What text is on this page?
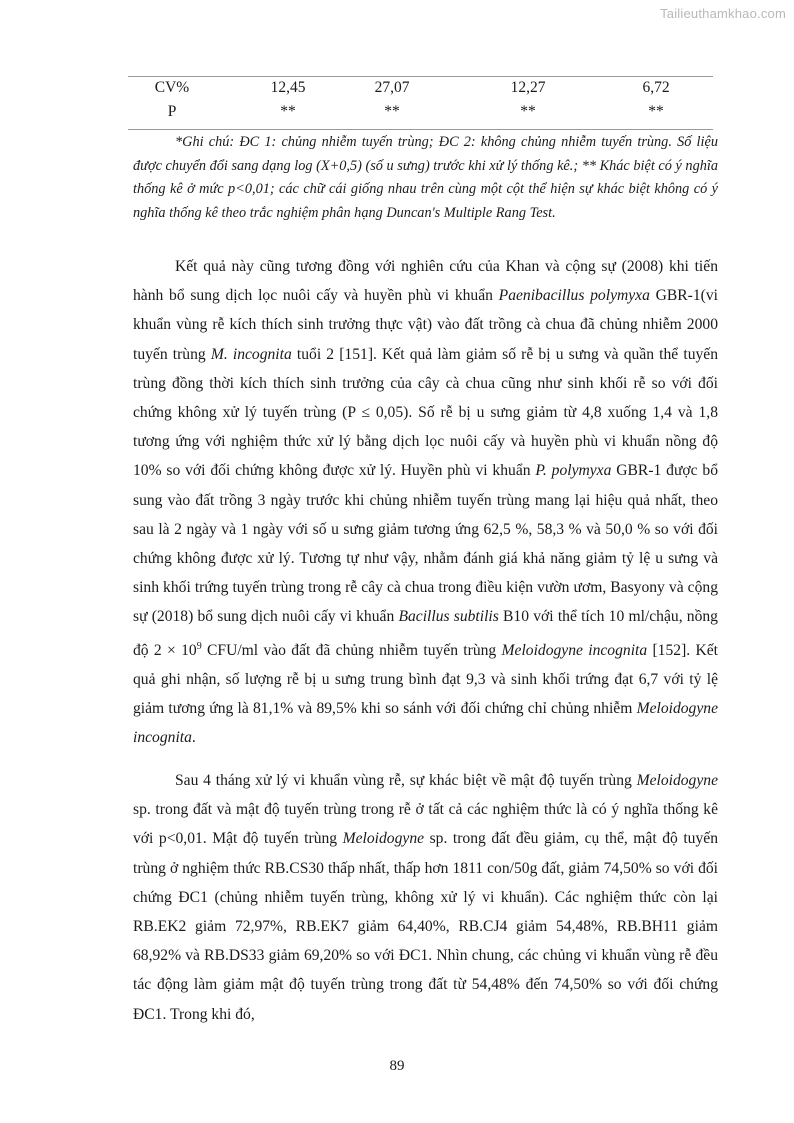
Tailieuthamkhao.com
CV%	12,45	27,07	12,27	6,72
P	**	**	**	**
*Ghi chú: ĐC 1: chủng nhiễm tuyến trùng; ĐC 2: không chủng nhiễm tuyến trùng. Số liệu được chuyển đổi sang dạng log (X+0,5) (số u sưng) trước khi xử lý thống kê.; ** Khác biệt có ý nghĩa thống kê ở mức p<0,01; các chữ cái giống nhau trên cùng một cột thể hiện sự khác biệt không có ý nghĩa thống kê theo trắc nghiệm phân hạng Duncan's Multiple Rang Test.

Kết quả này cũng tương đồng với nghiên cứu của Khan và cộng sự (2008) khi tiến hành bổ sung dịch lọc nuôi cấy và huyền phù vi khuẩn Paenibacillus polymyxa GBR-1(vi khuẩn vùng rễ kích thích sinh trưởng thực vật) vào đất trồng cà chua đã chủng nhiễm 2000 tuyến trùng M. incognita tuổi 2 [151]. Kết quả làm giảm số rễ bị u sưng và quần thể tuyến trùng đồng thời kích thích sinh trưởng của cây cà chua cũng như sinh khối rễ so với đối chứng không xử lý tuyến trùng (P ≤ 0,05). Số rễ bị u sưng giảm từ 4,8 xuống 1,4 và 1,8 tương ứng với nghiệm thức xử lý bằng dịch lọc nuôi cấy và huyền phù vi khuẩn nồng độ 10% so với đối chứng không được xử lý. Huyền phù vi khuẩn P. polymyxa GBR-1 được bổ sung vào đất trồng 3 ngày trước khi chủng nhiễm tuyến trùng mang lại hiệu quả nhất, theo sau là 2 ngày và 1 ngày với số u sưng giảm tương ứng 62,5 %, 58,3 % và 50,0 % so với đối chứng không được xử lý. Tương tự như vậy, nhằm đánh giá khả năng giảm tỷ lệ u sưng và sinh khối trứng tuyến trùng trong rễ cây cà chua trong điều kiện vườn ươm, Basyony và cộng sự (2018) bổ sung dịch nuôi cấy vi khuẩn Bacillus subtilis B10 với thể tích 10 ml/chậu, nồng độ $2 \times 10^9$ CFU/ml vào đất đã chủng nhiễm tuyến trùng Meloidogyne incognita [152]. Kết quả ghi nhận, số lượng rễ bị u sưng trung bình đạt 9,3 và sinh khối trứng đạt 6,7 với tỷ lệ giảm tương ứng là 81,1% và 89,5% khi so sánh với đối chứng chỉ chủng nhiễm Meloidogyne incognita.

Sau 4 tháng xử lý vi khuẩn vùng rễ, sự khác biệt về mật độ tuyến trùng Meloidogyne sp. trong đất và mật độ tuyến trùng trong rễ ở tất cả các nghiệm thức là có ý nghĩa thống kê với p<0,01. Mật độ tuyến trùng Meloidogyne sp. trong đất đều giảm, cụ thể, mật độ tuyến trùng ở nghiệm thức RB.CS30 thấp nhất, thấp hơn 1811 con/50g đất, giảm 74,50% so với đối chứng ĐC1 (chủng nhiễm tuyến trùng, không xử lý vi khuẩn). Các nghiệm thức còn lại RB.EK2 giảm 72,97%, RB.EK7 giảm 64,40%, RB.CJ4 giảm 54,48%, RB.BH11 giảm 68,92% và RB.DS33 giảm 69,20% so với ĐC1. Nhìn chung, các chủng vi khuẩn vùng rễ đều tác động làm giảm mật độ tuyến trùng trong đất từ 54,48% đến 74,50% so với đối chứng ĐC1. Trong khi đó,

89
